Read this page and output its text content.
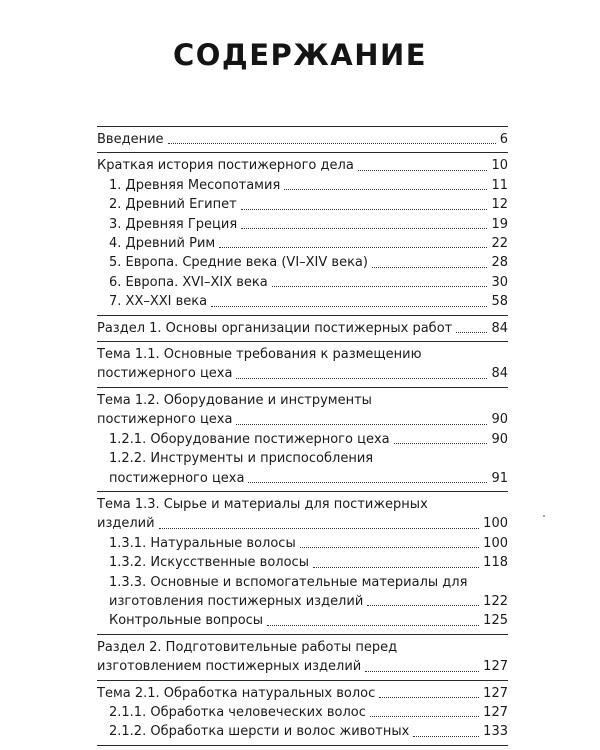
СОДЕРЖАНИЕ
Введение	6
Краткая история постижерного дела	10
1. Древняя Месопотамия	11
2. Древний Египет	12
3. Древняя Греция	19
4. Древний Рим	22
5. Европа. Средние века (VI–XIV века)	28
6. Европа. XVI–XIX века	30
7. XX–XXI века	58
Раздел 1. Основы организации постижерных работ	84
Тема 1.1. Основные требования к размещению
постижерного цеха	84
Тема 1.2. Оборудование и инструменты
постижерного цеха	90
1.2.1. Оборудование постижерного цеха	90
1.2.2. Инструменты и приспособления
постижерного цеха	91
Тема 1.3. Сырье и материалы для постижерных
изделий	100
1.3.1. Натуральные волосы	100
1.3.2. Искусственные волосы	118
1.3.3. Основные и вспомогательные материалы для
изготовления постижерных изделий	122
Контрольные вопросы	125
Раздел 2. Подготовительные работы перед
изготовлением постижерных изделий	127
Тема 2.1. Обработка натуральных волос	127
2.1.1. Обработка человеческих волос	127
2.1.2. Обработка шерсти и волос животных	133
